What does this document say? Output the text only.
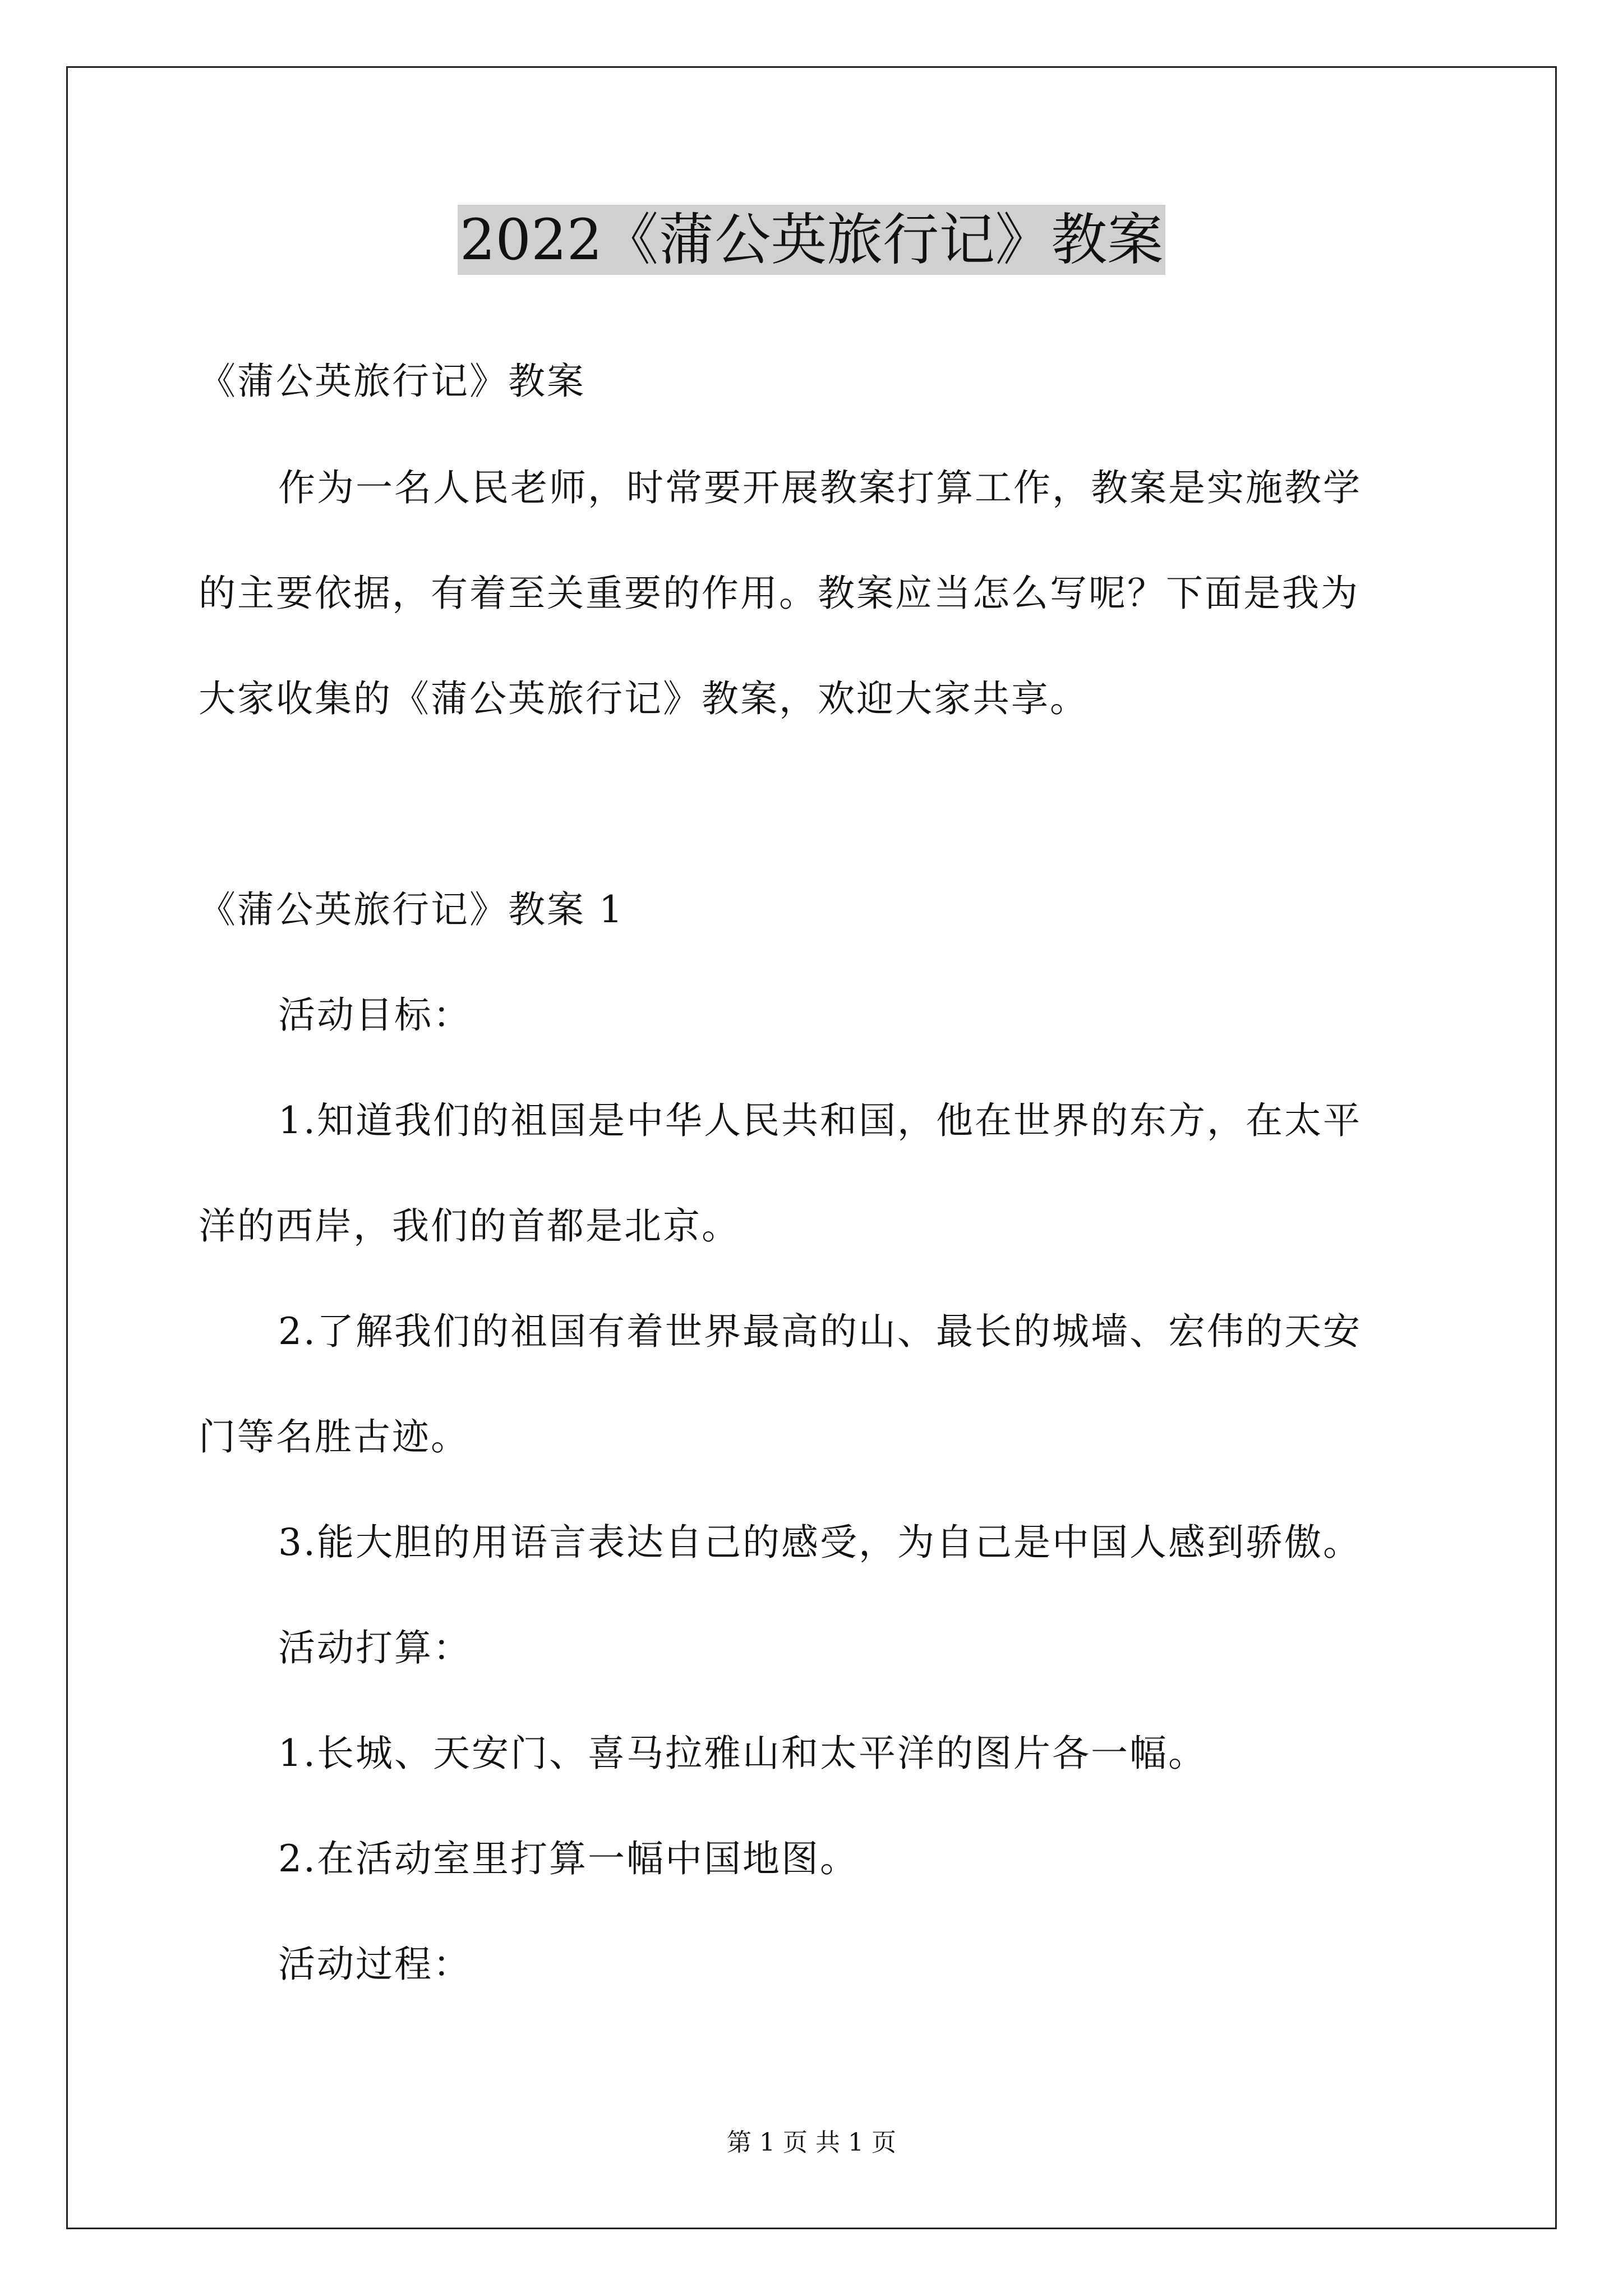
2022《蒲公英旅行记》教案
《蒲公英旅行记》教案
作为一名人民老师，时常要开展教案打算工作，教案是实施教学
的主要依据，有着至关重要的作用。教案应当怎么写呢？下面是我为
大家收集的《蒲公英旅行记》教案，欢迎大家共享。
《蒲公英旅行记》教案 1
活动目标：
1.知道我们的祖国是中华人民共和国，他在世界的东方，在太平
洋的西岸，我们的首都是北京。
2.了解我们的祖国有着世界最高的山、最长的城墙、宏伟的天安
门等名胜古迹。
3.能大胆的用语言表达自己的感受，为自己是中国人感到骄傲。
活动打算：
1.长城、天安门、喜马拉雅山和太平洋的图片各一幅。
2.在活动室里打算一幅中国地图。
活动过程：
第 1 页 共 1 页
